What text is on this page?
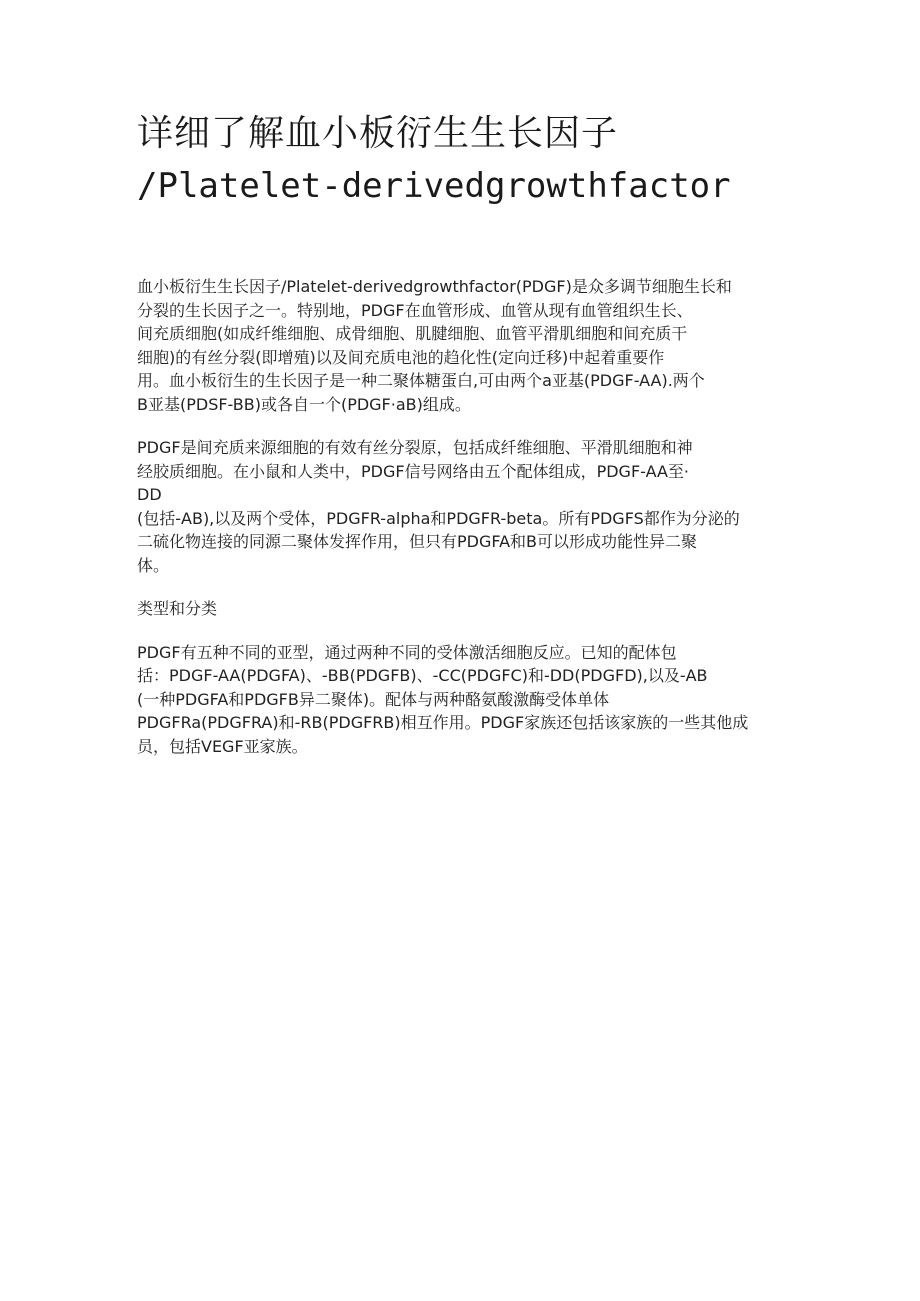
详细了解血小板衍生生长因子
/Platelet-derivedgrowthfactor

血小板衍生生长因子/Platelet-derivedgrowthfactor(PDGF)是众多调节细胞生长和
分裂的生长因子之一。特别地，PDGF在血管形成、血管从现有血管组织生长、
间充质细胞(如成纤维细胞、成骨细胞、肌腱细胞、血管平滑肌细胞和间充质干
细胞)的有丝分裂(即增殖)以及间充质电池的趋化性(定向迁移)中起着重要作
用。血小板衍生的生长因子是一种二聚体糖蛋白,可由两个a亚基(PDGF-AA).两个
B亚基(PDSF-BB)或各自一个(PDGF·aB)组成。

PDGF是间充质来源细胞的有效有丝分裂原，包括成纤维细胞、平滑肌细胞和神
经胶质细胞。在小鼠和人类中，PDGF信号网络由五个配体组成，PDGF-AA至·
DD
(包括-AB),以及两个受体，PDGFR-alpha和PDGFR-beta。所有PDGFS都作为分泌的
二硫化物连接的同源二聚体发挥作用，但只有PDGFA和B可以形成功能性异二聚
体。

类型和分类

PDGF有五种不同的亚型，通过两种不同的受体激活细胞反应。已知的配体包
括：PDGF-AA(PDGFA)、-BB(PDGFB)、-CC(PDGFC)和-DD(PDGFD),以及-AB
(一种PDGFA和PDGFB异二聚体)。配体与两种酪氨酸激酶受体单体
PDGFRa(PDGFRA)和-RB(PDGFRB)相互作用。PDGF家族还包括该家族的一些其他成
员，包括VEGF亚家族。
